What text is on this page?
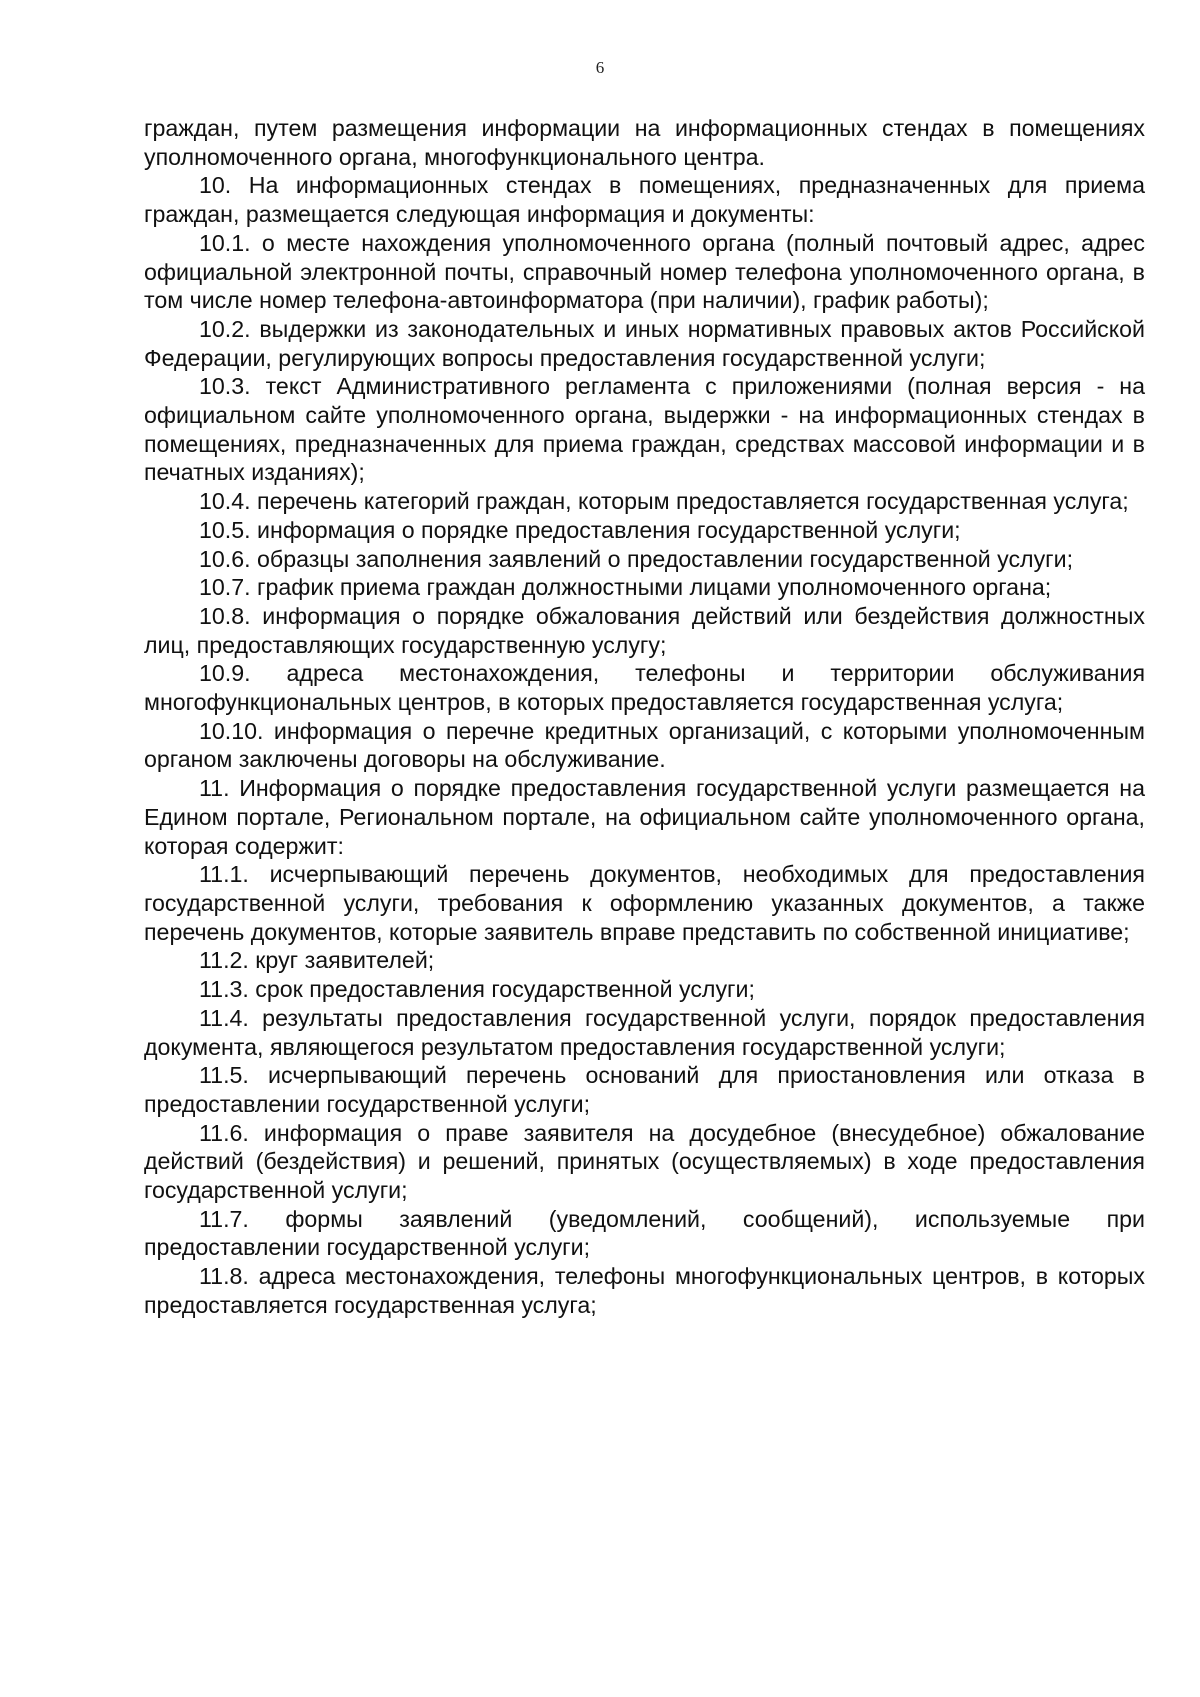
6

граждан, путем размещения информации на информационных стендах в помещениях уполномоченного органа, многофункционального центра.

10. На информационных стендах в помещениях, предназначенных для приема граждан, размещается следующая информация и документы:

10.1. о месте нахождения уполномоченного органа (полный почтовый адрес, адрес официальной электронной почты, справочный номер телефона уполномоченного органа, в том числе номер телефона-автоинформатора (при наличии), график работы);

10.2. выдержки из законодательных и иных нормативных правовых актов Российской Федерации, регулирующих вопросы предоставления государственной услуги;

10.3. текст Административного регламента с приложениями (полная версия - на официальном сайте уполномоченного органа, выдержки - на информационных стендах в помещениях, предназначенных для приема граждан, средствах массовой информации и в печатных изданиях);

10.4. перечень категорий граждан, которым предоставляется государственная услуга;

10.5. информация о порядке предоставления государственной услуги;

10.6. образцы заполнения заявлений о предоставлении государственной услуги;

10.7. график приема граждан должностными лицами уполномоченного органа;

10.8. информация о порядке обжалования действий или бездействия должностных лиц, предоставляющих государственную услугу;

10.9. адреса местонахождения, телефоны и территории обслуживания многофункциональных центров, в которых предоставляется государственная услуга;

10.10. информация о перечне кредитных организаций, с которыми уполномоченным органом заключены договоры на обслуживание.

11. Информация о порядке предоставления государственной услуги размещается на Едином портале, Региональном портале, на официальном сайте уполномоченного органа, которая содержит:

11.1. исчерпывающий перечень документов, необходимых для предоставления государственной услуги, требования к оформлению указанных документов, а также перечень документов, которые заявитель вправе представить по собственной инициативе;

11.2. круг заявителей;

11.3. срок предоставления государственной услуги;

11.4. результаты предоставления государственной услуги, порядок предоставления документа, являющегося результатом предоставления государственной услуги;

11.5. исчерпывающий перечень оснований для приостановления или отказа в предоставлении государственной услуги;

11.6. информация о праве заявителя на досудебное (внесудебное) обжалование действий (бездействия) и решений, принятых (осуществляемых) в ходе предоставления государственной услуги;

11.7. формы заявлений (уведомлений, сообщений), используемые при предоставлении государственной услуги;

11.8. адреса местонахождения, телефоны многофункциональных центров, в которых предоставляется государственная услуга;
